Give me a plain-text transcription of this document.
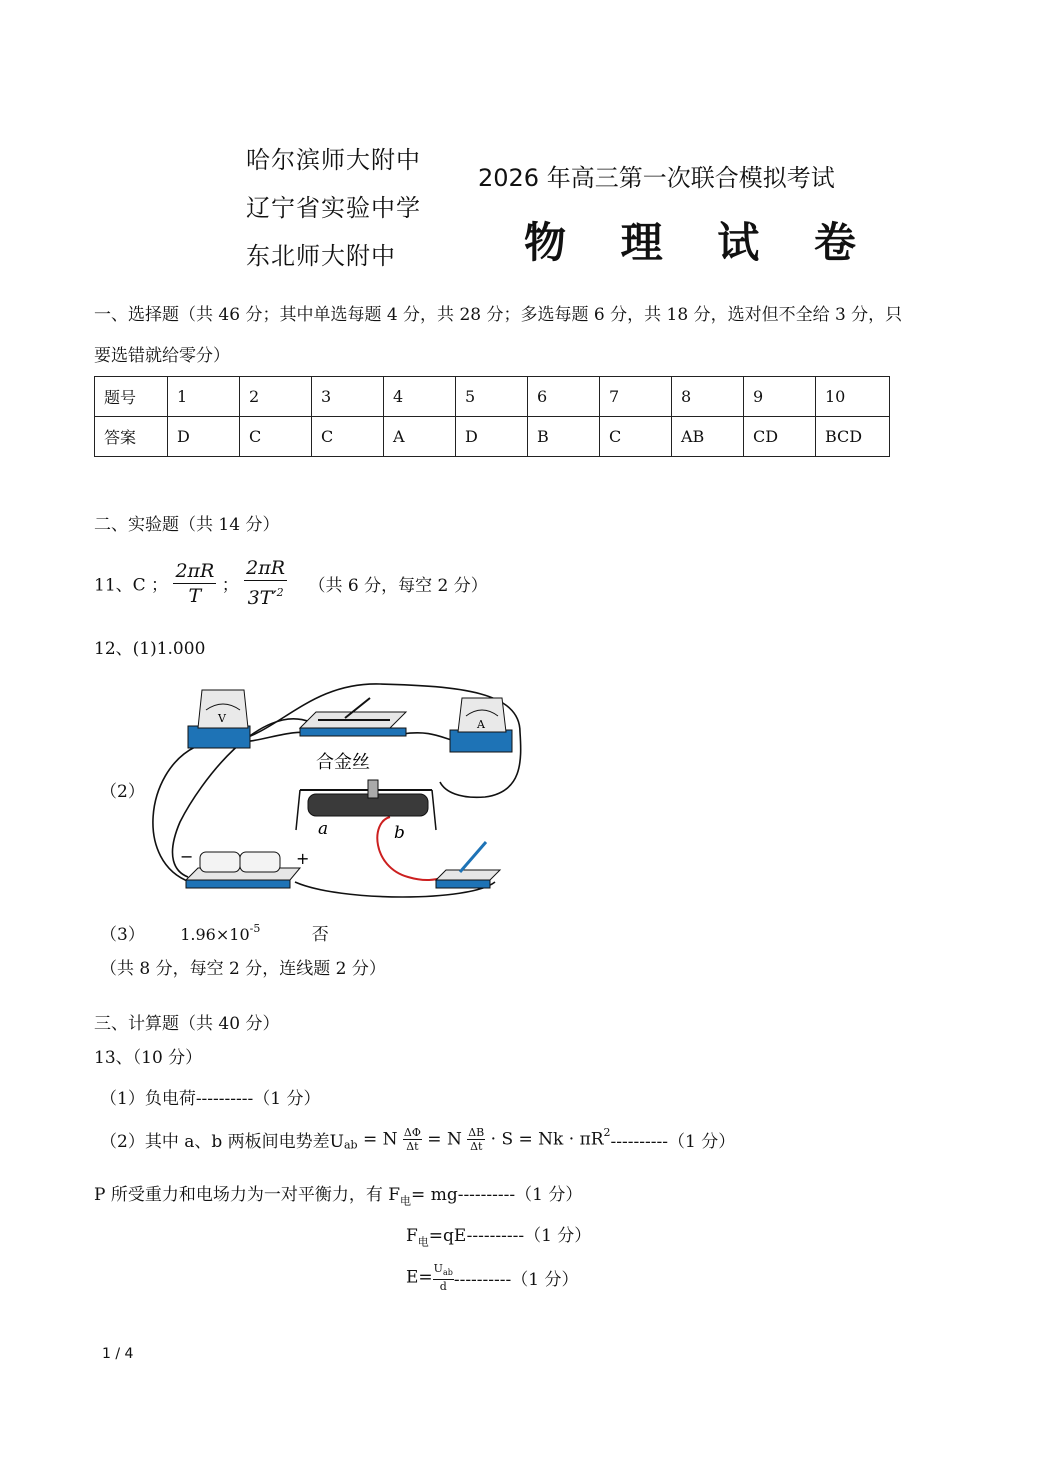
哈尔滨师大附中
辽宁省实验中学
东北师大附中
2026 年高三第一次联合模拟考试
物 理 试 卷
一、选择题（共 46 分；其中单选每题 4 分，共 28 分；多选每题 6 分，共 18 分，选对但不全给 3 分，只
要选错就给零分）
题号	1	2	3	4	5	6	7	8	9	10
答案	D	C	C	A	D	B	C	AB	CD	BCD
二、实验题（共 14 分）
11、C ； $\frac{2\pi R}{T}$ ； $\frac{2\pi R}{3T'^2}$ （共 6 分，每空 2 分）
12、(1)1.000
（2）
V	A
合金丝
a	b
−	+
（3） $1.96\times 10^{-5}$	否
（共 8 分，每空 2 分，连线题 2 分）
三、计算题（共 40 分）
13、（10 分）
（1）负电荷----------（1 分）
（2）其中 a、b 两板间电势差$U_{ab} = N \frac{\Delta\Phi}{\Delta t} = N \frac{\Delta B}{\Delta t} \cdot S = Nk \cdot \pi R^2----------(1$ 分）
P 所受重力和电场力为一对平衡力，有 $F_电= mg----------(1$ 分）
$F_电=qE----------(1$ 分）
$E= \frac{U_{ab}}{d} ----------(1$ 分）
1 / 4
